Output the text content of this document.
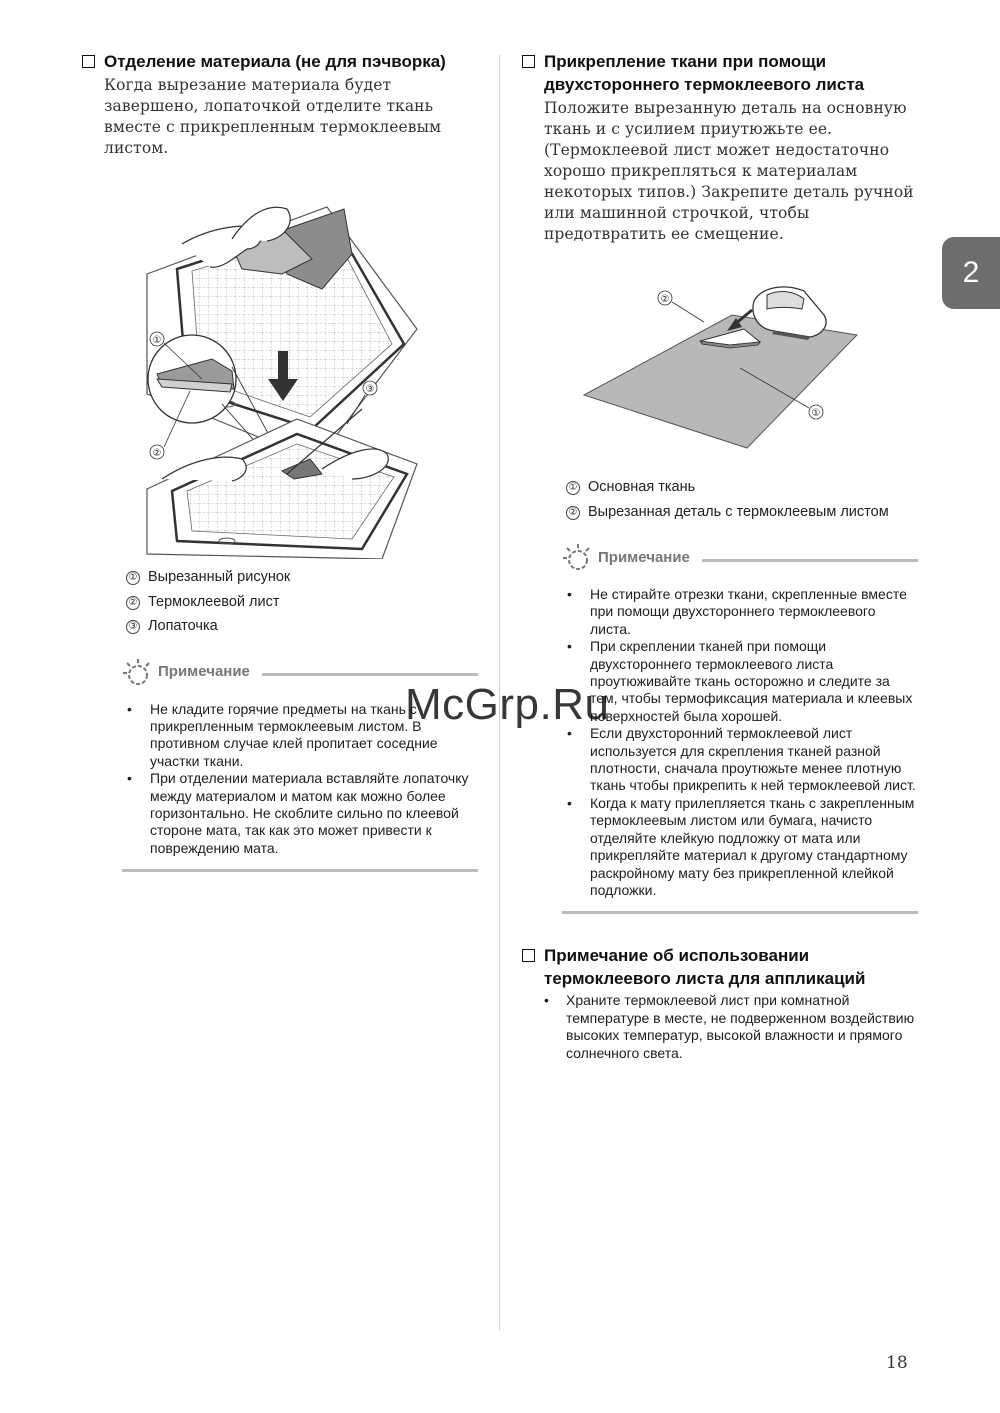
Отделение материала (не для пэчворка)
Когда вырезание материала будет завершено, лопаточкой отделите ткань вместе с прикрепленным термоклеевым листом.
①
②
③
① Вырезанный рисунок
② Термоклеевой лист
③ Лопаточка
Примечание
• Не кладите горячие предметы на ткань с прикрепленным термоклеевым листом. В противном случае клей пропитает соседние участки ткани.
• При отделении материала вставляйте лопаточку между материалом и матом как можно более горизонтально. Не скоблите сильно по клеевой стороне мата, так как это может привести к повреждению мата.
Прикрепление ткани при помощи двухстороннего термоклеевого листа
Положите вырезанную деталь на основную ткань и с усилием приутюжьте ее. (Термоклеевой лист может недостаточно хорошо прикрепляться к материалам некоторых типов.) Закрепите деталь ручной или машинной строчкой, чтобы предотвратить ее смещение.
②
①
① Основная ткань
② Вырезанная деталь с термоклеевым листом
Примечание
• Не стирайте отрезки ткани, скрепленные вместе при помощи двухстороннего термоклеевого листа.
• При скреплении тканей при помощи двухстороннего термоклеевого листа проутюживайте ткань осторожно и следите за тем, чтобы термофиксация материала и клеевых поверхностей была хорошей.
• Если двухсторонний термоклеевой лист используется для скрепления тканей разной плотности, сначала проутюжьте менее плотную ткань чтобы прикрепить к ней термоклеевой лист.
• Когда к мату прилепляется ткань с закрепленным термоклеевым листом или бумага, начисто отделяйте клейкую подложку от мата или прикрепляйте материал к другому стандартному раскройному мату без прикрепленной клейкой подложки.
Примечание об использовании термоклеевого листа для аппликаций
• Храните термоклеевой лист при комнатной температуре в месте, не подверженном воздействию высоких температур, высокой влажности и прямого солнечного света.
2
McGrp.Ru
18
